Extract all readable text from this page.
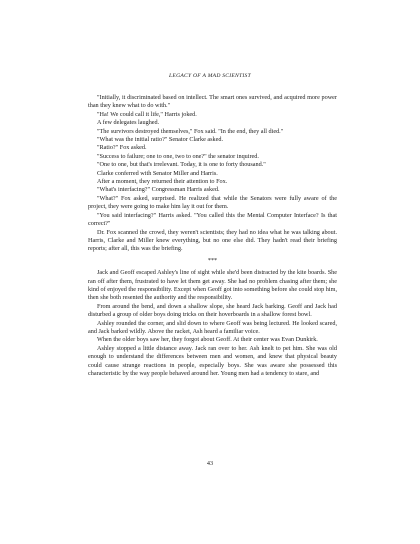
LEGACY OF A MAD SCIENTIST

"Initially, it discriminated based on intellect. The smart ones survived, and acquired more power than they knew what to do with."

"Ha! We could call it life," Harris joked.

A few delegates laughed.

"The survivors destroyed themselves," Fox said. "In the end, they all died."

"What was the initial ratio?" Senator Clarke asked.

"Ratio?" Fox asked.

"Success to failure; one to one, two to one?" the senator inquired.

"One to one, but that's irrelevant. Today, it is one to forty thousand."

Clarke conferred with Senator Miller and Harris.

After a moment, they returned their attention to Fox.

"What's interfacing?" Congressman Harris asked.

"What?" Fox asked, surprised. He realized that while the Senators were fully aware of the project, they were going to make him lay it out for them.

"You said interfacing?" Harris asked. "You called this the Mental Computer Interface? Is that correct?"

Dr. Fox scanned the crowd, they weren't scientists; they had no idea what he was talking about. Harris, Clarke and Miller knew everything, but no one else did. They hadn't read their briefing reports; after all, this was the briefing.

***

Jack and Geoff escaped Ashley's line of sight while she'd been distracted by the kite boards. She ran off after them, frustrated to have let them get away. She had no problem chasing after them; she kind of enjoyed the responsibility. Except when Geoff got into something before she could stop him, then she both resented the authority and the responsibility.

From around the bend, and down a shallow slope, she heard Jack barking. Geoff and Jack had disturbed a group of older boys doing tricks on their hoverboards in a shallow forest bowl.

Ashley rounded the corner, and slid down to where Geoff was being lectured. He looked scared, and Jack barked wildly. Above the racket, Ash heard a familiar voice.

When the older boys saw her, they forgot about Geoff. At their center was Evan Dunkirk.

Ashley stopped a little distance away. Jack ran over to her. Ash knelt to pet him. She was old enough to understand the differences between men and women, and knew that physical beauty could cause strange reactions in people, especially boys. She was aware she possessed this characteristic by the way people behaved around her. Young men had a tendency to stare, and

43
